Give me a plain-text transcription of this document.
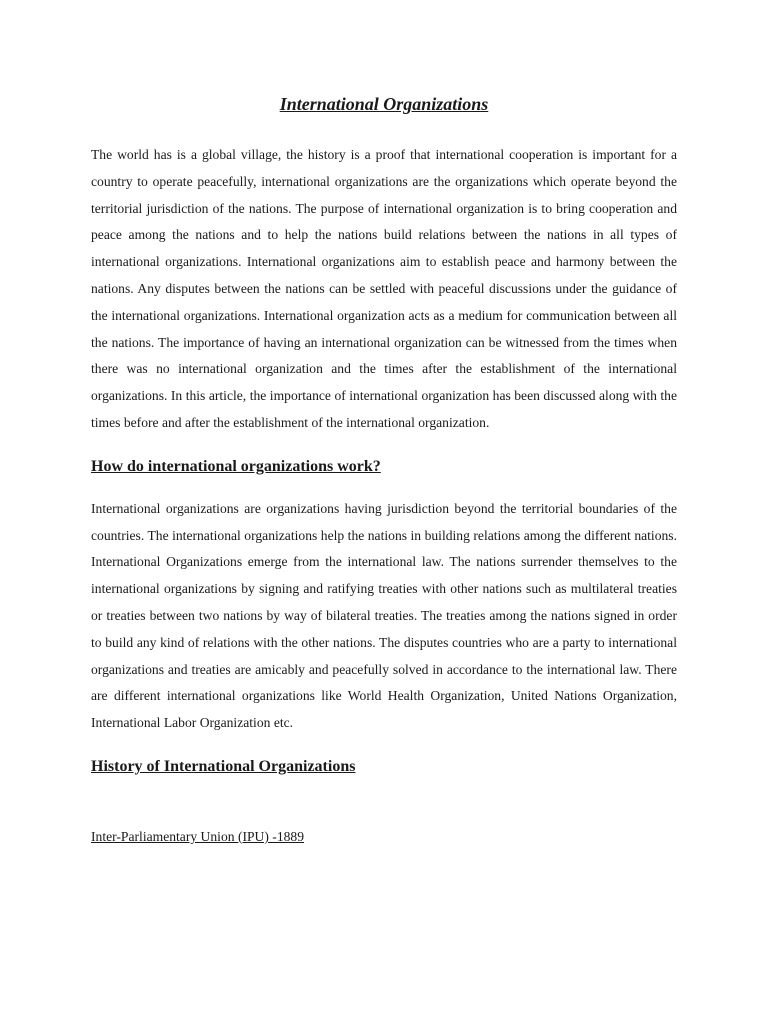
International Organizations

The world has is a global village, the history is a proof that international cooperation is important for a country to operate peacefully, international organizations are the organizations which operate beyond the territorial jurisdiction of the nations. The purpose of international organization is to bring cooperation and peace among the nations and to help the nations build relations between the nations in all types of international organizations. International organizations aim to establish peace and harmony between the nations. Any disputes between the nations can be settled with peaceful discussions under the guidance of the international organizations. International organization acts as a medium for communication between all the nations. The importance of having an international organization can be witnessed from the times when there was no international organization and the times after the establishment of the international organizations. In this article, the importance of international organization has been discussed along with the times before and after the establishment of the international organization.

How do international organizations work?

International organizations are organizations having jurisdiction beyond the territorial boundaries of the countries. The international organizations help the nations in building relations among the different nations. International Organizations emerge from the international law. The nations surrender themselves to the international organizations by signing and ratifying treaties with other nations such as multilateral treaties or treaties between two nations by way of bilateral treaties. The treaties among the nations signed in order to build any kind of relations with the other nations. The disputes countries who are a party to international organizations and treaties are amicably and peacefully solved in accordance to the international law. There are different international organizations like World Health Organization, United Nations Organization, International Labor Organization etc.

History of International Organizations
Inter-Parliamentary Union (IPU) -1889
